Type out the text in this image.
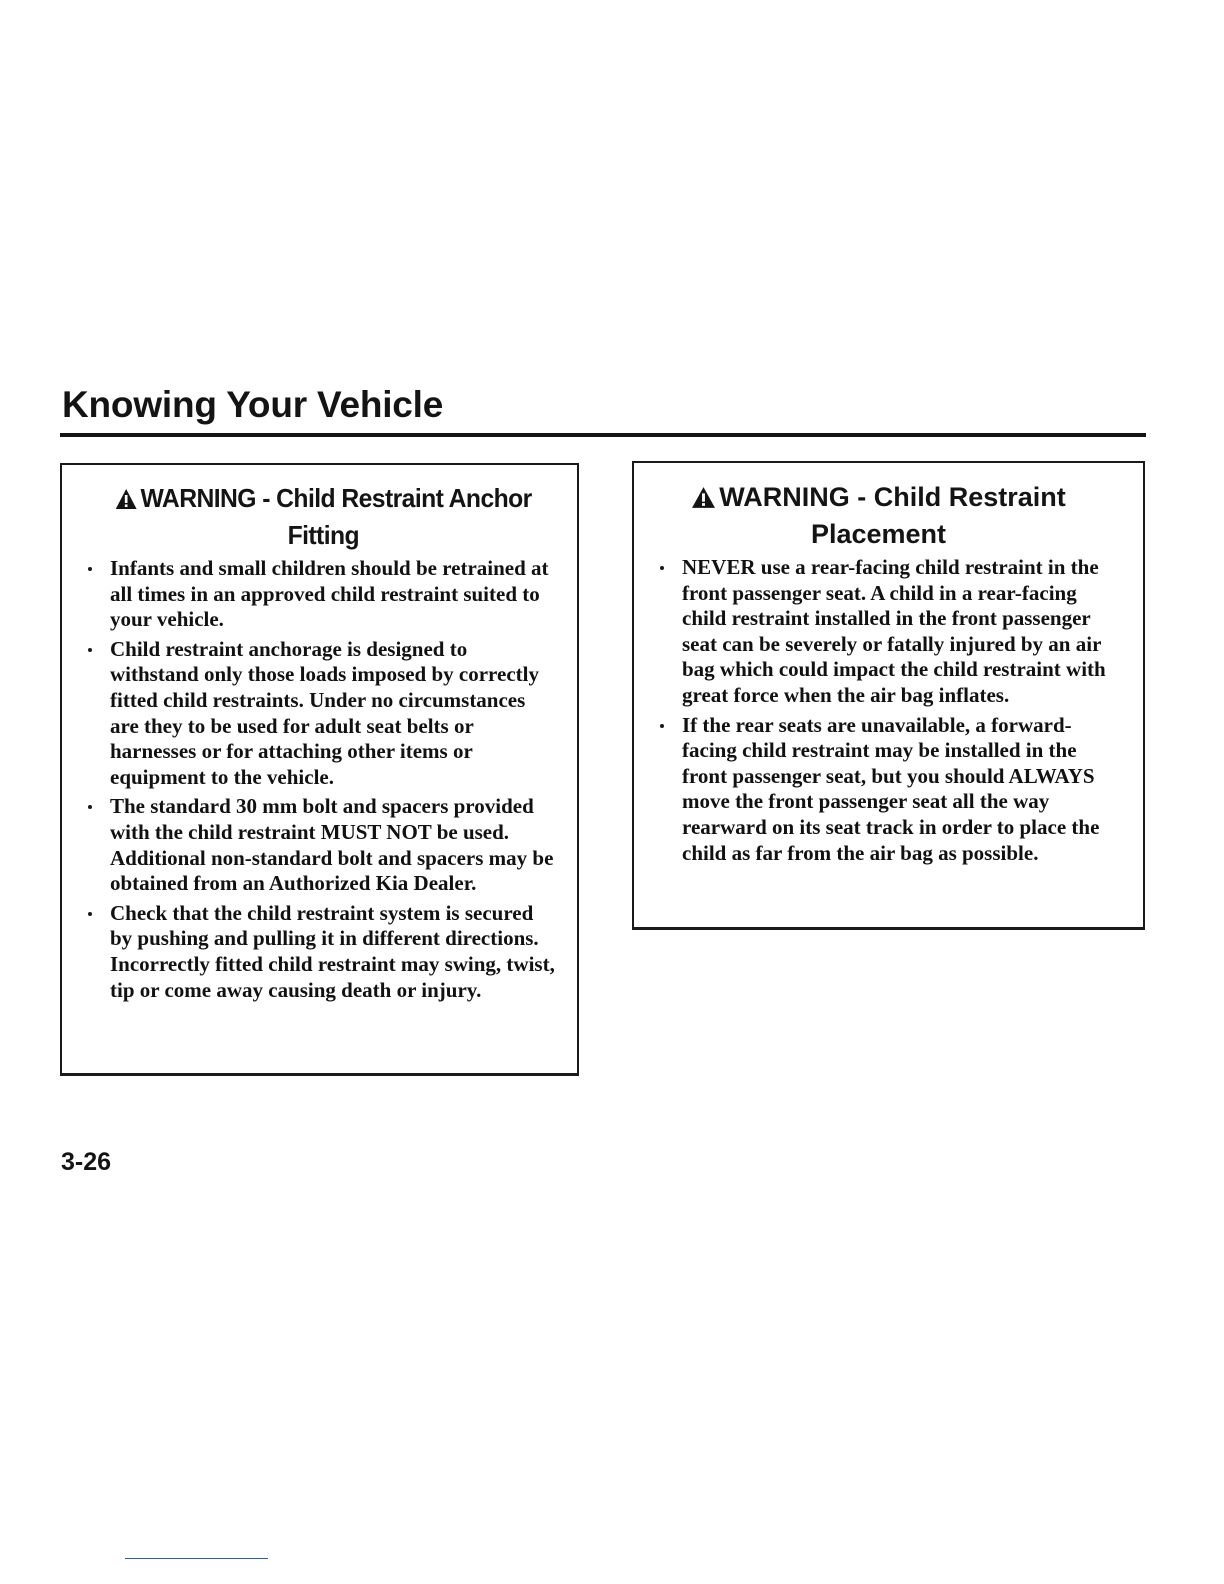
Knowing Your Vehicle
WARNING - Child Restraint Anchor
Fitting
Infants and small children should be retrained at all times in an approved child restraint suited to your vehicle.
Child restraint anchorage is designed to withstand only those loads imposed by correctly fitted child restraints. Under no circumstances are they to be used for adult seat belts or harnesses or for attaching other items or equipment to the vehicle.
The standard 30 mm bolt and spacers provided with the child restraint MUST NOT be used. Additional non-standard bolt and spacers may be obtained from an Authorized Kia Dealer.
Check that the child restraint system is secured by pushing and pulling it in different directions. Incorrectly fitted child restraint may swing, twist, tip or come away causing death or injury.
WARNING - Child Restraint
Placement
NEVER use a rear-facing child restraint in the front passenger seat. A child in a rear-facing child restraint installed in the front passenger seat can be severely or fatally injured by an air bag which could impact the child restraint with great force when the air bag inflates.
If the rear seats are unavailable, a forward-facing child restraint may be installed in the front passenger seat, but you should ALWAYS move the front passenger seat all the way rearward on its seat track in order to place the child as far from the air bag as possible.

3-26
